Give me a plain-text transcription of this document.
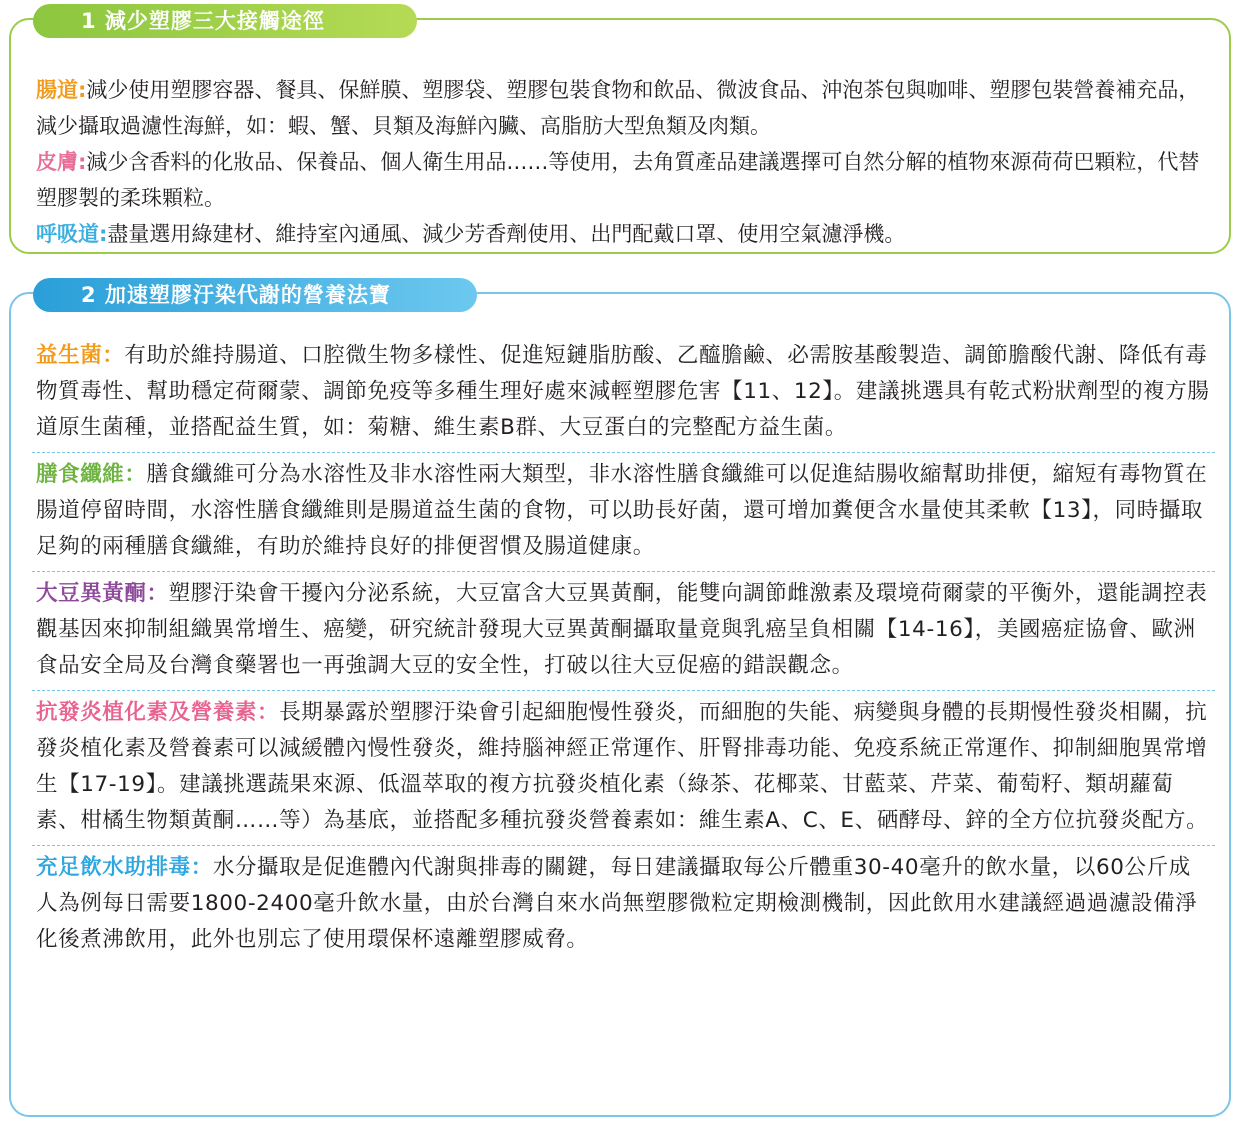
1 減少塑膠三大接觸途徑

腸道:減少使用塑膠容器、餐具、保鮮膜、塑膠袋、塑膠包裝食物和飲品、微波食品、沖泡茶包與咖啡、塑膠包裝營養補充品，減少攝取過濾性海鮮，如：蝦、蟹、貝類及海鮮內臟、高脂肪大型魚類及肉類。

皮膚:減少含香料的化妝品、保養品、個人衛生用品……等使用，去角質產品建議選擇可自然分解的植物來源荷荷巴顆粒，代替塑膠製的柔珠顆粒。

呼吸道:盡量選用綠建材、維持室內通風、減少芳香劑使用、出門配戴口罩、使用空氣濾淨機。

2 加速塑膠汙染代謝的營養法寶
益生菌：有助於維持腸道、口腔微生物多樣性、促進短鏈脂肪酸、乙醯膽鹼、必需胺基酸製造、調節膽酸代謝、降低有毒物質毒性、幫助穩定荷爾蒙、調節免疫等多種生理好處來減輕塑膠危害【11、12】。建議挑選具有乾式粉狀劑型的複方腸道原生菌種，並搭配益生質，如：菊糖、維生素B群、大豆蛋白的完整配方益生菌。
膳食纖維：膳食纖維可分為水溶性及非水溶性兩大類型，非水溶性膳食纖維可以促進結腸收縮幫助排便，縮短有毒物質在腸道停留時間，水溶性膳食纖維則是腸道益生菌的食物，可以助長好菌，還可增加糞便含水量使其柔軟【13】，同時攝取足夠的兩種膳食纖維，有助於維持良好的排便習慣及腸道健康。
大豆異黃酮：塑膠汙染會干擾內分泌系統，大豆富含大豆異黃酮，能雙向調節雌激素及環境荷爾蒙的平衡外，還能調控表觀基因來抑制組織異常增生、癌變，研究統計發現大豆異黃酮攝取量竟與乳癌呈負相關【14-16】，美國癌症協會、歐洲食品安全局及台灣食藥署也一再強調大豆的安全性，打破以往大豆促癌的錯誤觀念。
抗發炎植化素及營養素：長期暴露於塑膠汙染會引起細胞慢性發炎，而細胞的失能、病變與身體的長期慢性發炎相關，抗發炎植化素及營養素可以減緩體內慢性發炎，維持腦神經正常運作、肝腎排毒功能、免疫系統正常運作、抑制細胞異常增生【17-19】。建議挑選蔬果來源、低溫萃取的複方抗發炎植化素（綠茶、花椰菜、甘藍菜、芹菜、葡萄籽、類胡蘿蔔素、柑橘生物類黃酮……等）為基底，並搭配多種抗發炎營養素如：維生素A、C、E、硒酵母、鋅的全方位抗發炎配方。
充足飲水助排毒：水分攝取是促進體內代謝與排毒的關鍵，每日建議攝取每公斤體重30-40毫升的飲水量，以60公斤成人為例每日需要1800-2400毫升飲水量，由於台灣自來水尚無塑膠微粒定期檢測機制，因此飲用水建議經過過濾設備淨化後煮沸飲用，此外也別忘了使用環保杯遠離塑膠威脅。
